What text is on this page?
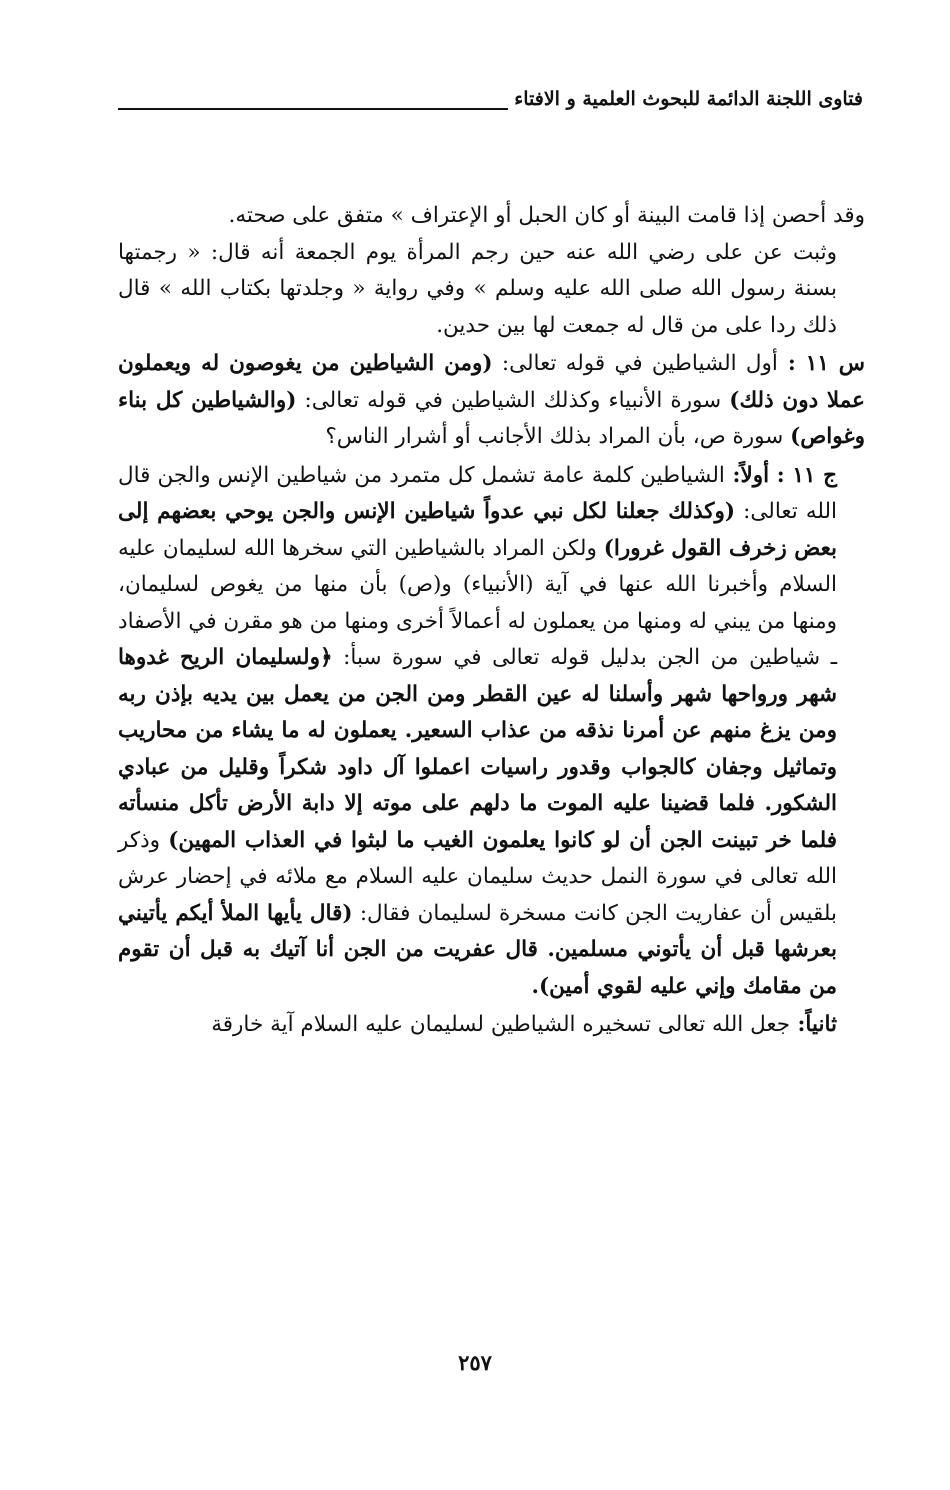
فتاوى اللجنة الدائمة للبحوث العلمية و الافتاء

وقد أحصن إذا قامت البينة أو كان الحبل أو الإعتراف » متفق على صحته.

وثبت عن على رضي الله عنه حين رجم المرأة يوم الجمعة أنه قال: « رجمتها بسنة رسول الله صلى الله عليه وسلم » وفي رواية « وجلدتها بكتاب الله » قال ذلك ردا على من قال له جمعت لها بين حدين.

س ١١ : أول الشياطين في قوله تعالى: (ومن الشياطين من يغوصون له ويعملون عملا دون ذلك) سورة الأنبياء وكذلك الشياطين في قوله تعالى: (والشياطين كل بناء وغواص) سورة ص، بأن المراد بذلك الأجانب أو أشرار الناس؟

ج ١١ : أولاً: الشياطين كلمة عامة تشمل كل متمرد من شياطين الإنس والجن قال الله تعالى: (وكذلك جعلنا لكل نبي عدواً شياطين الإنس والجن يوحي بعضهم إلى بعض زخرف القول غرورا) ولكن المراد بالشياطين التي سخرها الله لسليمان عليه السلام وأخبرنا الله عنها في آية (الأنبياء) و(ص) بأن منها من يغوص لسليمان، ومنها من يبني له ومنها من يعملون له أعمالاً أخرى ومنها من هو مقرن في الأصفاد ـ شياطين من الجن بدليل قوله تعالى في سورة سبأ: ﴿ولسليمان الريح غدوها شهر ورواحها شهر وأسلنا له عين القطر ومن الجن من يعمل بين يديه بإذن ربه ومن يزغ منهم عن أمرنا نذقه من عذاب السعير. يعملون له ما يشاء من محاريب وتماثيل وجفان كالجواب وقدور راسيات اعملوا آل داود شكراً وقليل من عبادي الشكور. فلما قضينا عليه الموت ما دلهم على موته إلا دابة الأرض تأكل منسأته فلما خر تبينت الجن أن لو كانوا يعلمون الغيب ما لبثوا في العذاب المهين) وذكر الله تعالى في سورة النمل حديث سليمان عليه السلام مع ملائه في إحضار عرش بلقيس أن عفاريت الجن كانت مسخرة لسليمان فقال: (قال يأيها الملأ أيكم يأتيني بعرشها قبل أن يأتوني مسلمين. قال عفريت من الجن أنا آتيك به قبل أن تقوم من مقامك وإني عليه لقوي أمين).

ثانياً: جعل الله تعالى تسخيره الشياطين لسليمان عليه السلام آية خارقة

٢٥٧
